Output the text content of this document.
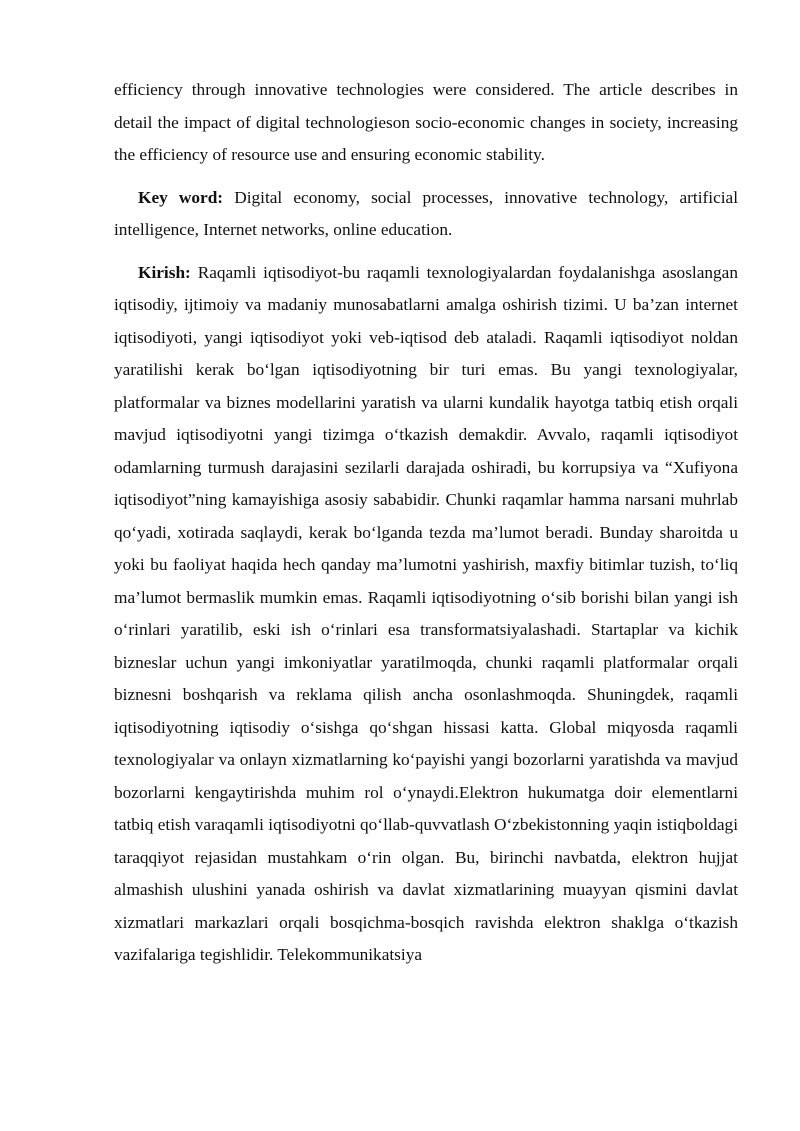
efficiency through innovative technologies were considered. The article describes in detail the impact of digital technologieson socio-economic changes in society, increasing the efficiency of resource use and ensuring economic stability.

Key word: Digital economy, social processes, innovative technology, artificial intelligence, Internet networks, online education.

Kirish: Raqamli iqtisodiyot-bu raqamli texnologiyalardan foydalanishga asoslangan iqtisodiy, ijtimoiy va madaniy munosabatlarni amalga oshirish tizimi. U ba’zan internet iqtisodiyoti, yangi iqtisodiyot yoki veb-iqtisod deb ataladi. Raqamli iqtisodiyot noldan yaratilishi kerak bo‘lgan iqtisodiyotning bir turi emas. Bu yangi texnologiyalar, platformalar va biznes modellarini yaratish va ularni kundalik hayotga tatbiq etish orqali mavjud iqtisodiyotni yangi tizimga o‘tkazish demakdir. Avvalo, raqamli iqtisodiyot odamlarning turmush darajasini sezilarli darajada oshiradi, bu korrupsiya va “Xufiyona iqtisodiyot”ning kamayishiga asosiy sababidir. Chunki raqamlar hamma narsani muhrlab qo‘yadi, xotirada saqlaydi, kerak bo‘lganda tezda ma’lumot beradi. Bunday sharoitda u yoki bu faoliyat haqida hech qanday ma’lumotni yashirish, maxfiy bitimlar tuzish, to‘liq ma’lumot bermaslik mumkin emas. Raqamli iqtisodiyotning o‘sib borishi bilan yangi ish o‘rinlari yaratilib, eski ish o‘rinlari esa transformatsiyalashadi. Startaplar va kichik bizneslar uchun yangi imkoniyatlar yaratilmoqda, chunki raqamli platformalar orqali biznesni boshqarish va reklama qilish ancha osonlashmoqda. Shuningdek, raqamli iqtisodiyotning iqtisodiy o‘sishga qo‘shgan hissasi katta. Global miqyosda raqamli texnologiyalar va onlayn xizmatlarning ko‘payishi yangi bozorlarni yaratishda va mavjud bozorlarni kengaytirishda muhim rol o‘ynaydi.Elektron hukumatga doir elementlarni tatbiq etish varaqamli iqtisodiyotni qo‘llab-quvvatlash O‘zbekistonning yaqin istiqboldagi taraqqiyot rejasidan mustahkam o‘rin olgan. Bu, birinchi navbatda, elektron hujjat almashish ulushini yanada oshirish va davlat xizmatlarining muayyan qismini davlat xizmatlari markazlari orqali bosqichma-bosqich ravishda elektron shaklga o‘tkazish vazifalariga tegishlidir. Telekommunikatsiya
